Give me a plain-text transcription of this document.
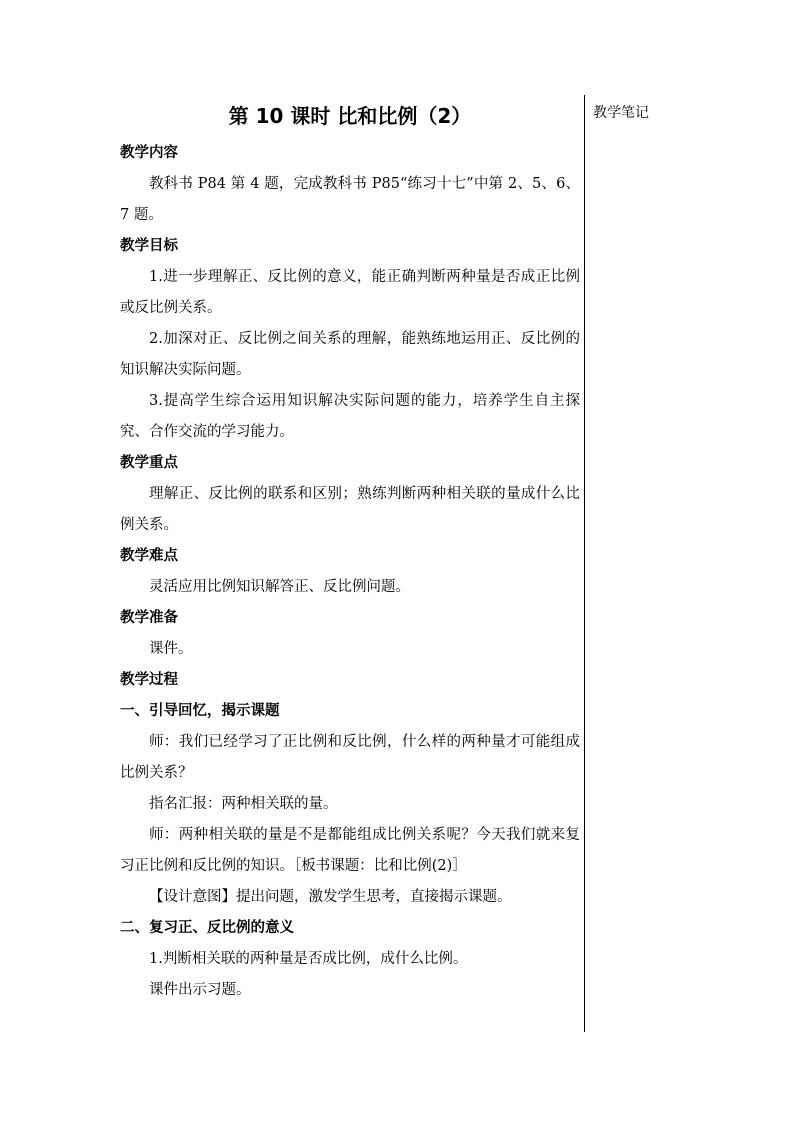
教学笔记
第 10 课时 比和比例（2）
教学内容
教科书 P84 第 4 题，完成教科书 P85“练习十七”中第 2、5、6、7 题。
教学目标
1.进一步理解正、反比例的意义，能正确判断两种量是否成正比例或反比例关系。
2.加深对正、反比例之间关系的理解，能熟练地运用正、反比例的知识解决实际问题。
3.提高学生综合运用知识解决实际问题的能力，培养学生自主探究、合作交流的学习能力。
教学重点
理解正、反比例的联系和区别；熟练判断两种相关联的量成什么比例关系。
教学难点
灵活应用比例知识解答正、反比例问题。
教学准备
课件。
教学过程
一、引导回忆，揭示课题
师：我们已经学习了正比例和反比例，什么样的两种量才可能组成比例关系？
指名汇报：两种相关联的量。
师：两种相关联的量是不是都能组成比例关系呢？今天我们就来复习正比例和反比例的知识。［板书课题：比和比例(2)］
【设计意图】提出问题，激发学生思考，直接揭示课题。
二、复习正、反比例的意义
1.判断相关联的两种量是否成比例，成什么比例。
课件出示习题。
